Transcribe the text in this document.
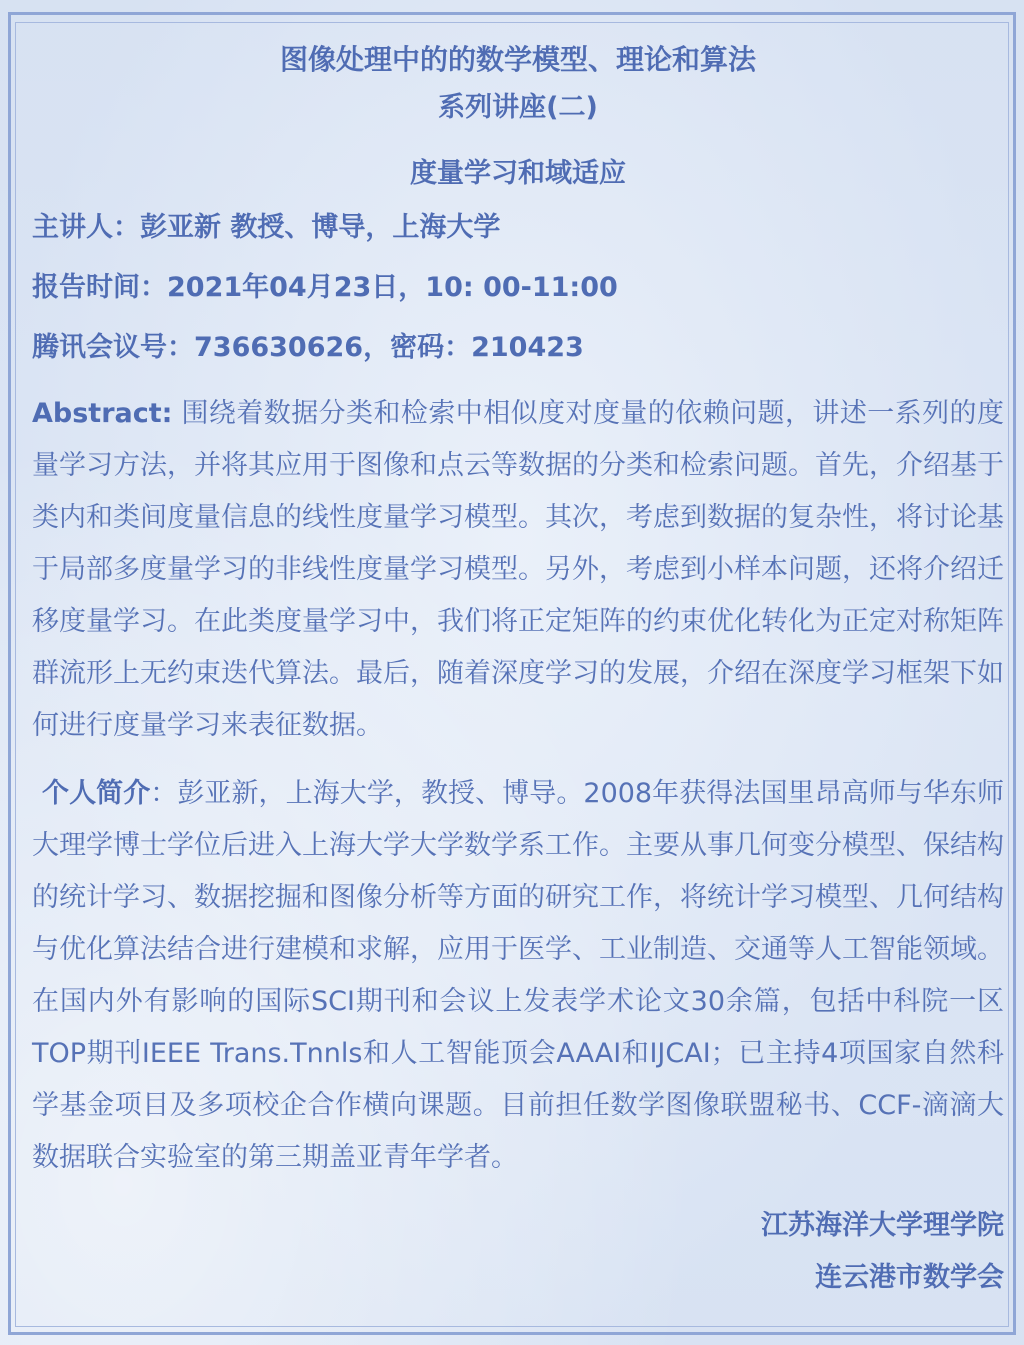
图像处理中的的数学模型、理论和算法
系列讲座(二)
度量学习和域适应
主讲人：彭亚新 教授、博导，上海大学
报告时间：2021年04月23日，10: 00-11:00
腾讯会议号：736630626，密码：210423

Abstract: 围绕着数据分类和检索中相似度对度量的依赖问题，讲述一系列的度量学习方法，并将其应用于图像和点云等数据的分类和检索问题。首先，介绍基于类内和类间度量信息的线性度量学习模型。其次，考虑到数据的复杂性，将讨论基于局部多度量学习的非线性度量学习模型。另外，考虑到小样本问题，还将介绍迁移度量学习。在此类度量学习中，我们将正定矩阵的约束优化转化为正定对称矩阵群流形上无约束迭代算法。最后，随着深度学习的发展，介绍在深度学习框架下如何进行度量学习来表征数据。

个人简介：彭亚新，上海大学，教授、博导。2008年获得法国里昂高师与华东师大理学博士学位后进入上海大学大学数学系工作。主要从事几何变分模型、保结构的统计学习、数据挖掘和图像分析等方面的研究工作，将统计学习模型、几何结构与优化算法结合进行建模和求解，应用于医学、工业制造、交通等人工智能领域。在国内外有影响的国际SCI期刊和会议上发表学术论文30余篇，包括中科院一区TOP期刊IEEE Trans.Tnnls和人工智能顶会AAAI和IJCAI；已主持4项国家自然科学基金项目及多项校企合作横向课题。目前担任数学图像联盟秘书、CCF-滴滴大数据联合实验室的第三期盖亚青年学者。

江苏海洋大学理学院
连云港市数学会
